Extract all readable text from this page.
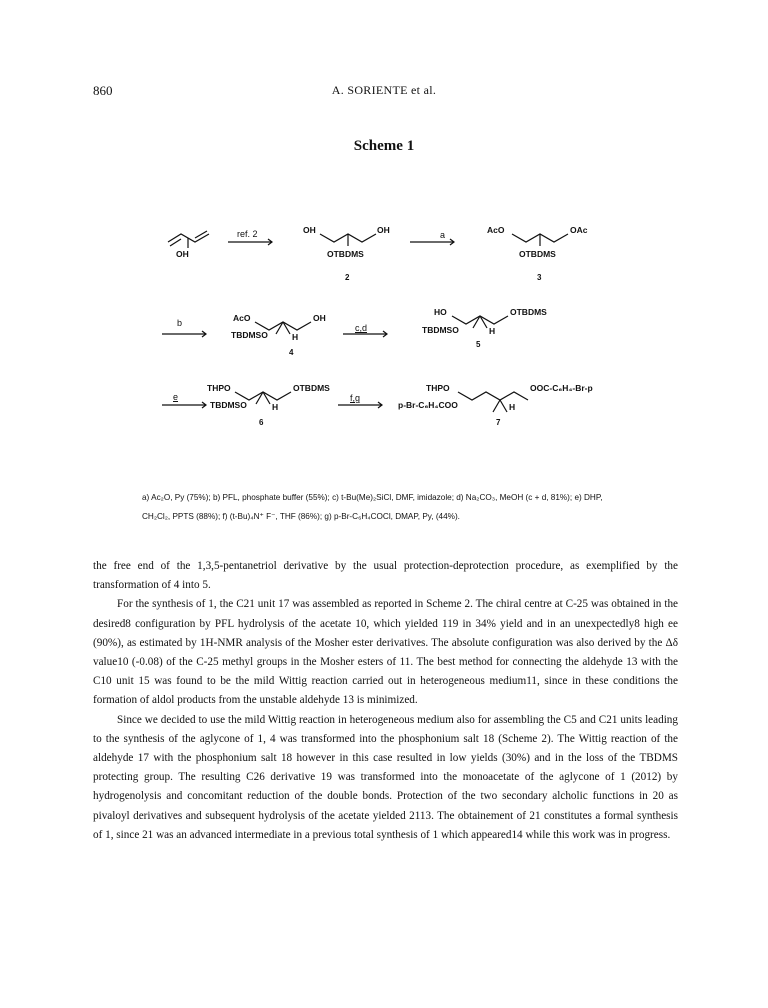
860	A. SORIENTE et al.
Scheme 1
OH
ref. 2	OH	OH
OTBDMS
2
a	AcO	OAc
OTBDMS
3
b	AcO	OH
TBDMSO	H
4
c,d
HO	OTBDMS
TBDMSO	H
5
e
THPO	OTBDMS
TBDMSO	H
6
f,g
THPO	OOC-C₆H₄-Br-p
p-Br-C₆H₄COO	H
7
a) Ac₂O, Py (75%); b) PFL, phosphate buffer (55%); c) t-Bu(Me)₂SiCl, DMF, imidazole; d) Na₂CO₃, MeOH (c + d, 81%); e) DHP, CH₂Cl₂, PPTS (88%); f) (t-Bu)₄N⁺ F⁻, THF (86%); g) p-Br-C₆H₄COCl, DMAP, Py, (44%).

the free end of the 1,3,5-pentanetriol derivative by the usual protection-deprotection procedure, as exemplified by the transformation of 4 into 5.

For the synthesis of 1, the C21 unit 17 was assembled as reported in Scheme 2. The chiral centre at C-25 was obtained in the desired8 configuration by PFL hydrolysis of the acetate 10, which yielded 119 in 34% yield and in an unexpectedly8 high ee (90%), as estimated by 1H-NMR analysis of the Mosher ester derivatives. The absolute configuration was also derived by the Δδ value10 (-0.08) of the C-25 methyl groups in the Mosher esters of 11. The best method for connecting the aldehyde 13 with the C10 unit 15 was found to be the mild Wittig reaction carried out in heterogeneous medium11, since in these conditions the formation of aldol products from the unstable aldehyde 13 is minimized.

Since we decided to use the mild Wittig reaction in heterogeneous medium also for assembling the C5 and C21 units leading to the synthesis of the aglycone of 1, 4 was transformed into the phosphonium salt 18 (Scheme 2). The Wittig reaction of the aldehyde 17 with the phosphonium salt 18 however in this case resulted in low yields (30%) and in the loss of the TBDMS protecting group. The resulting C26 derivative 19 was transformed into the monoacetate of the aglycone of 1 (2012) by hydrogenolysis and concomitant reduction of the double bonds. Protection of the two secondary alcholic functions in 20 as pivaloyl derivatives and subsequent hydrolysis of the acetate yielded 2113. The obtainement of 21 constitutes a formal synthesis of 1, since 21 was an advanced intermediate in a previous total synthesis of 1 which appeared14 while this work was in progress.
